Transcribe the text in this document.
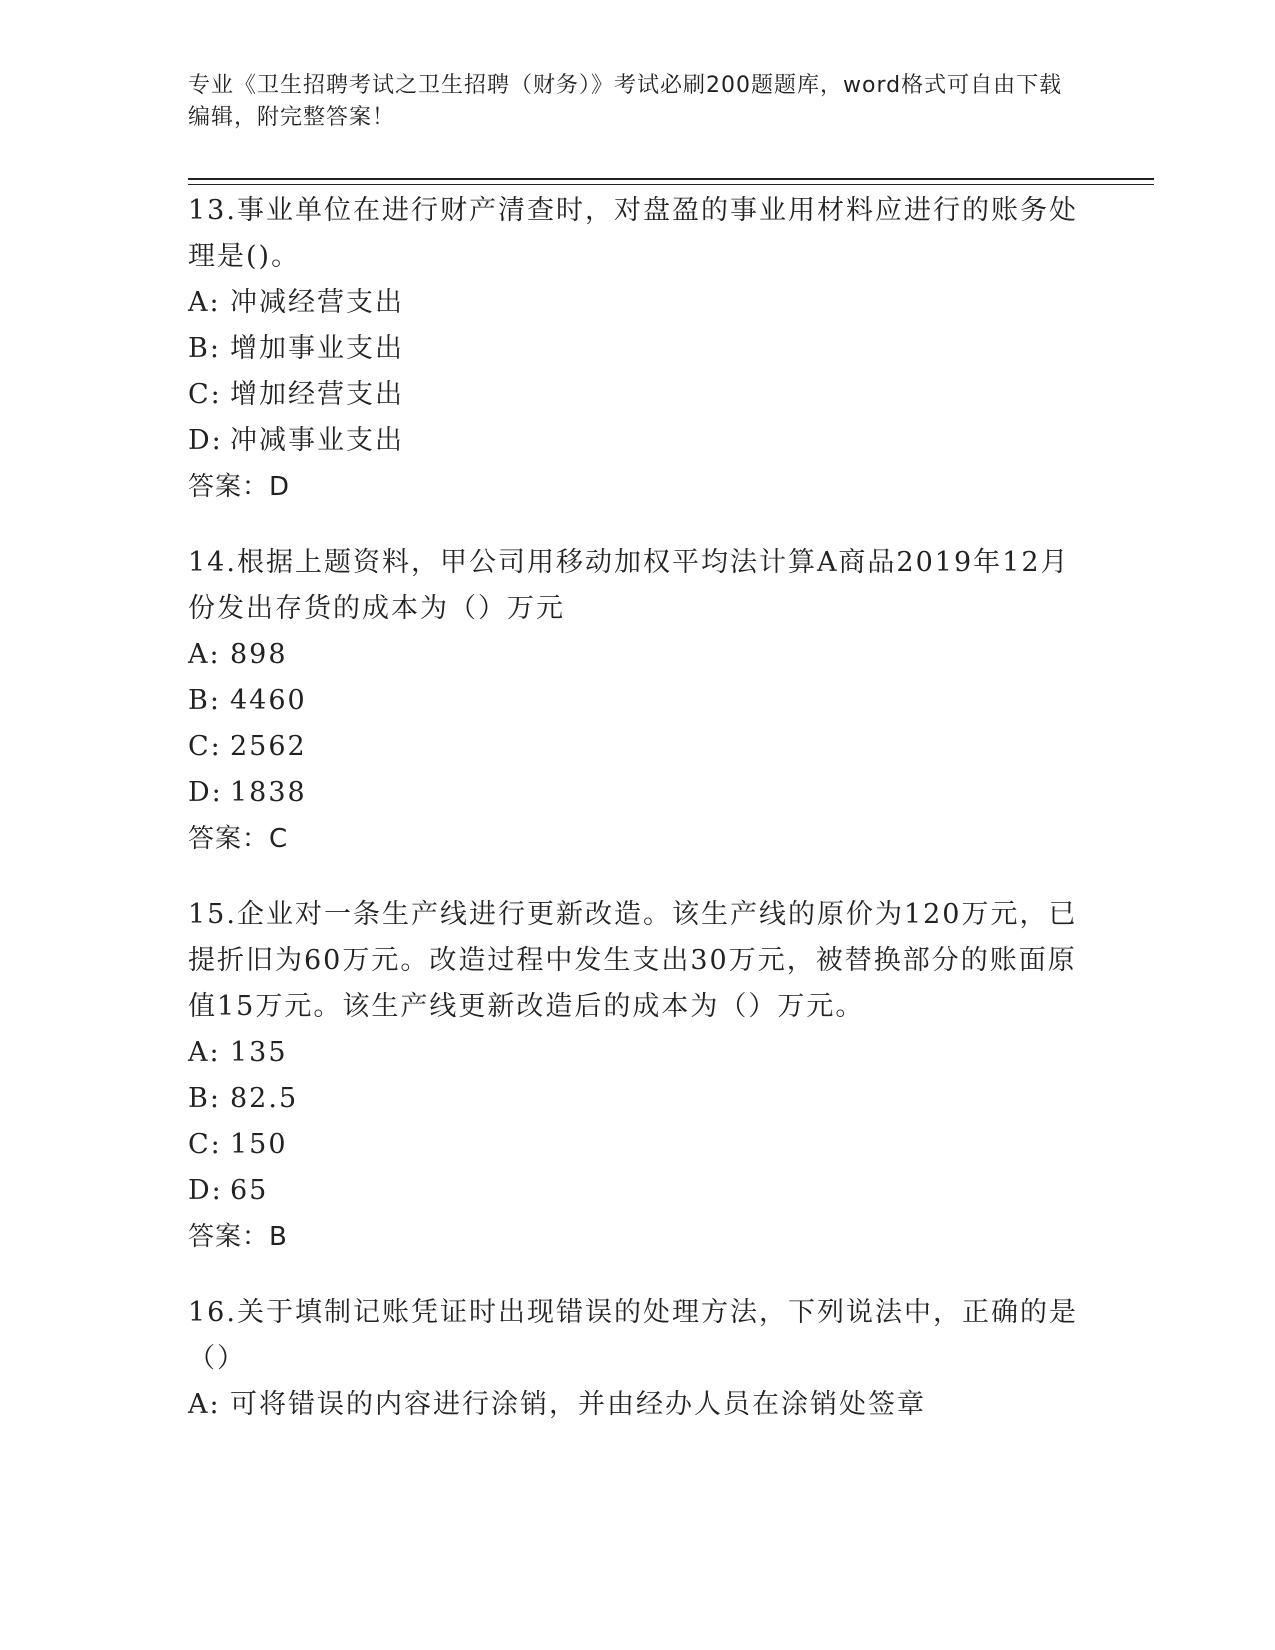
专业《卫生招聘考试之卫生招聘（财务）》考试必刷200题题库，word格式可自由下载编辑，附完整答案！
13.事业单位在进行财产清查时，对盘盈的事业用材料应进行的账务处理是()。
A: 冲减经营支出
B: 增加事业支出
C: 增加经营支出
D: 冲减事业支出
答案：D
14.根据上题资料，甲公司用移动加权平均法计算A商品2019年12月份发出存货的成本为（）万元
A: 898
B: 4460
C: 2562
D: 1838
答案：C
15.企业对一条生产线进行更新改造。该生产线的原价为120万元，已提折旧为60万元。改造过程中发生支出30万元，被替换部分的账面原值15万元。该生产线更新改造后的成本为（）万元。
A: 135
B: 82.5
C: 150
D: 65
答案：B
16.关于填制记账凭证时出现错误的处理方法，下列说法中，正确的是（）
A: 可将错误的内容进行涂销，并由经办人员在涂销处签章
